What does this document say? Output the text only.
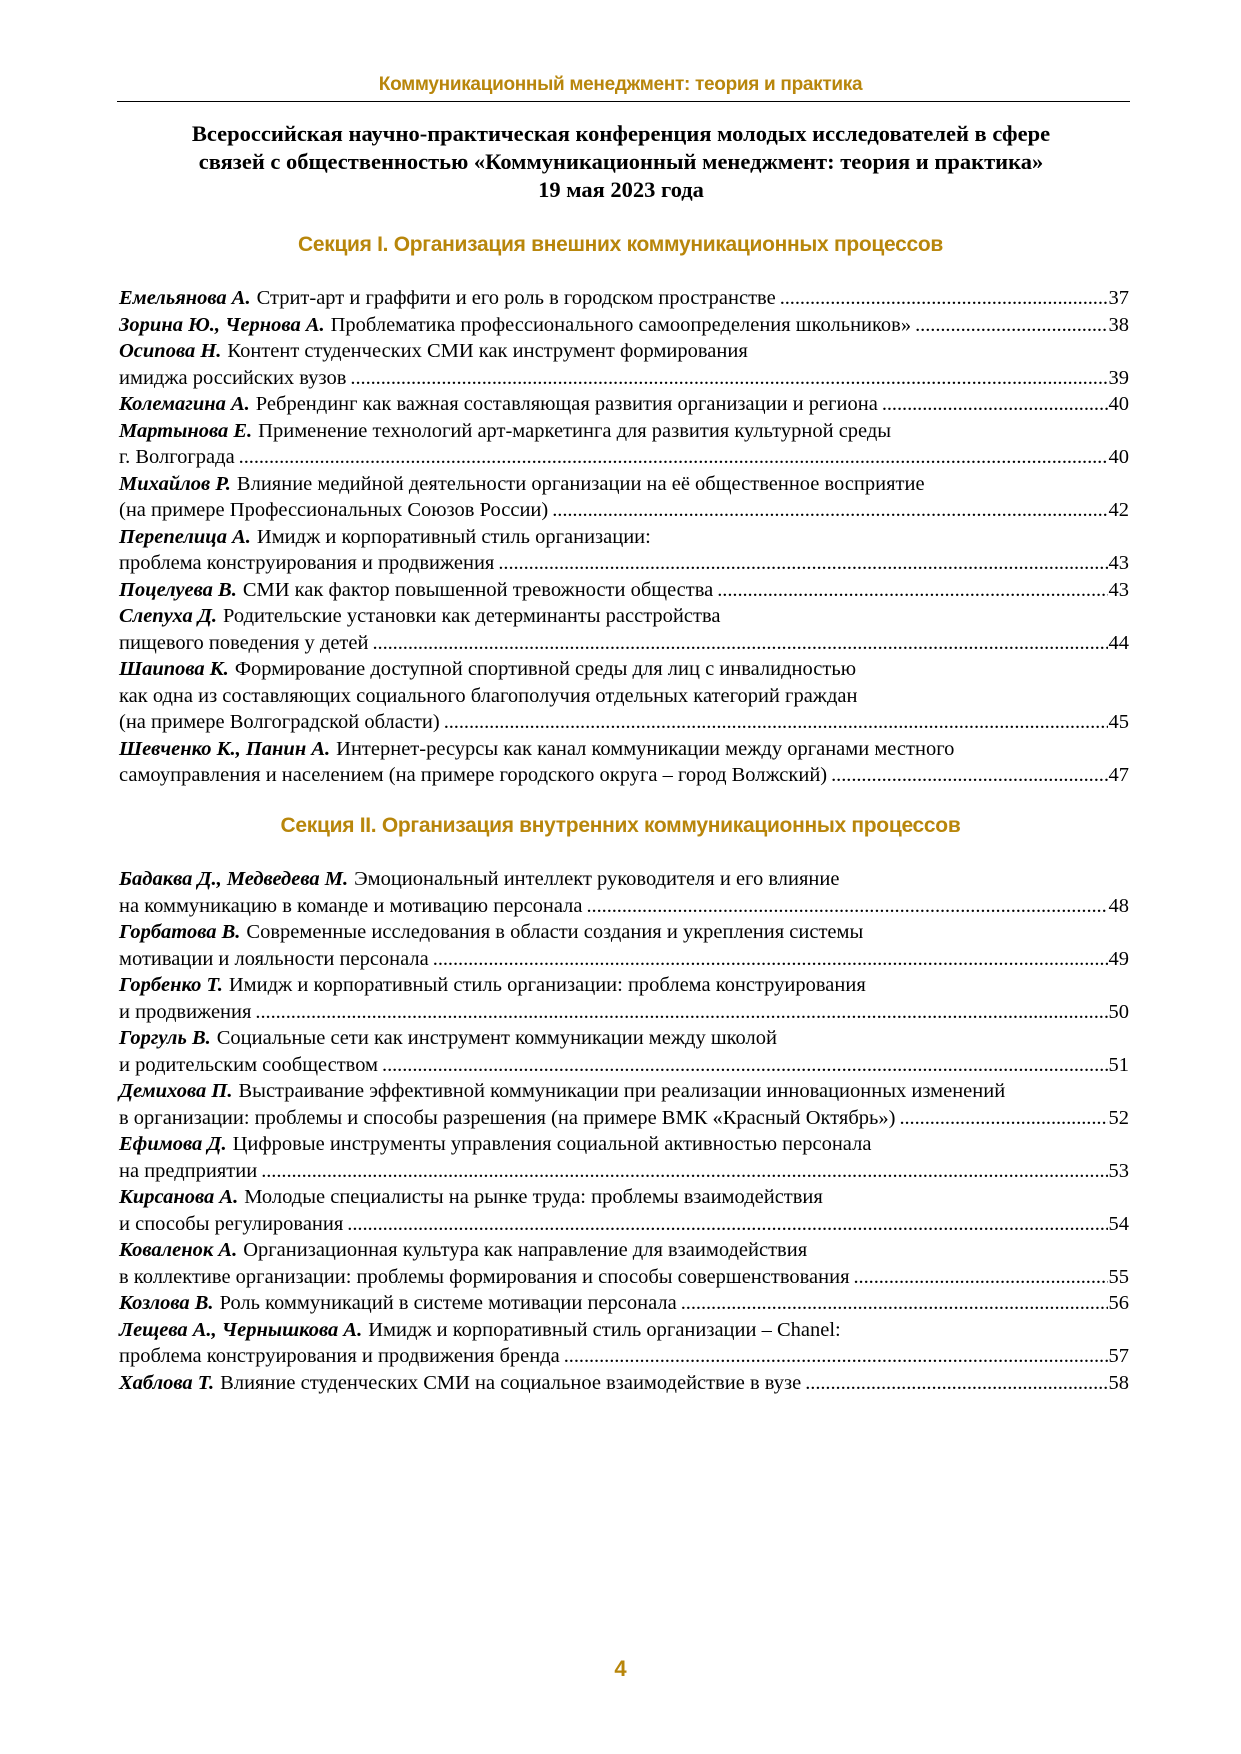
Коммуникационный менеджмент: теория и практика
Всероссийская научно-практическая конференция молодых исследователей в сфере
связей с общественностью «Коммуникационный менеджмент: теория и практика»
19 мая 2023 года
Секция I. Организация внешних коммуникационных процессов
Емельянова А. Стрит-арт и граффити и его роль в городском пространстве . . .	37
Зорина Ю., Чернова А. Проблематика профессионального самоопределения школьников» . . .	38
Осипова Н. Контент студенческих СМИ как инструмент формирования
имиджа российских вузов . . .	39
Колемагина А. Ребрендинг как важная составляющая развития организации и региона . . .	40
Мартынова Е. Применение технологий арт-маркетинга для развития культурной среды
г. Волгограда . . .	40
Михайлов Р. Влияние медийной деятельности организации на её общественное восприятие
(на примере Профессиональных Союзов России) . . .	42
Перепелица А. Имидж и корпоративный стиль организации:
проблема конструирования и продвижения . . .	43
Поцелуева В. СМИ как фактор повышенной тревожности общества . . .	43
Слепуха Д. Родительские установки как детерминанты расстройства
пищевого поведения у детей . . .	44
Шаипова К. Формирование доступной спортивной среды для лиц с инвалидностью
как одна из составляющих социального благополучия отдельных категорий граждан
(на примере Волгоградской области) . . .	45
Шевченко К., Панин А. Интернет-ресурсы как канал коммуникации между органами местного
самоуправления и населением (на примере городского округа – город Волжский) . . .	47
Секция II. Организация внутренних коммуникационных процессов
Бадаква Д., Медведева М. Эмоциональный интеллект руководителя и его влияние
на коммуникацию в команде и мотивацию персонала . . .	48
Горбатова В. Современные исследования в области создания и укрепления системы
мотивации и лояльности персонала . . .	49
Горбенко Т. Имидж и корпоративный стиль организации: проблема конструирования
и продвижения . . .	50
Горгуль В. Социальные сети как инструмент коммуникации между школой
и родительским сообществом . . .	51
Демихова П. Выстраивание эффективной коммуникации при реализации инновационных изменений
в организации: проблемы и способы разрешения (на примере ВМК «Красный Октябрь») . . .	52
Ефимова Д. Цифровые инструменты управления социальной активностью персонала
на предприятии . . .	53
Кирсанова А. Молодые специалисты на рынке труда: проблемы взаимодействия
и способы регулирования . . .	54
Коваленок А. Организационная культура как направление для взаимодействия
в коллективе организации: проблемы формирования и способы совершенствования . . .	55
Козлова В. Роль коммуникаций в системе мотивации персонала . . .	56
Лещева А., Чернышкова А. Имидж и корпоративный стиль организации – Chanel:
проблема конструирования и продвижения бренда . . .	57
Хаблова Т. Влияние студенческих СМИ на социальное взаимодействие в вузе . . .	58
4
